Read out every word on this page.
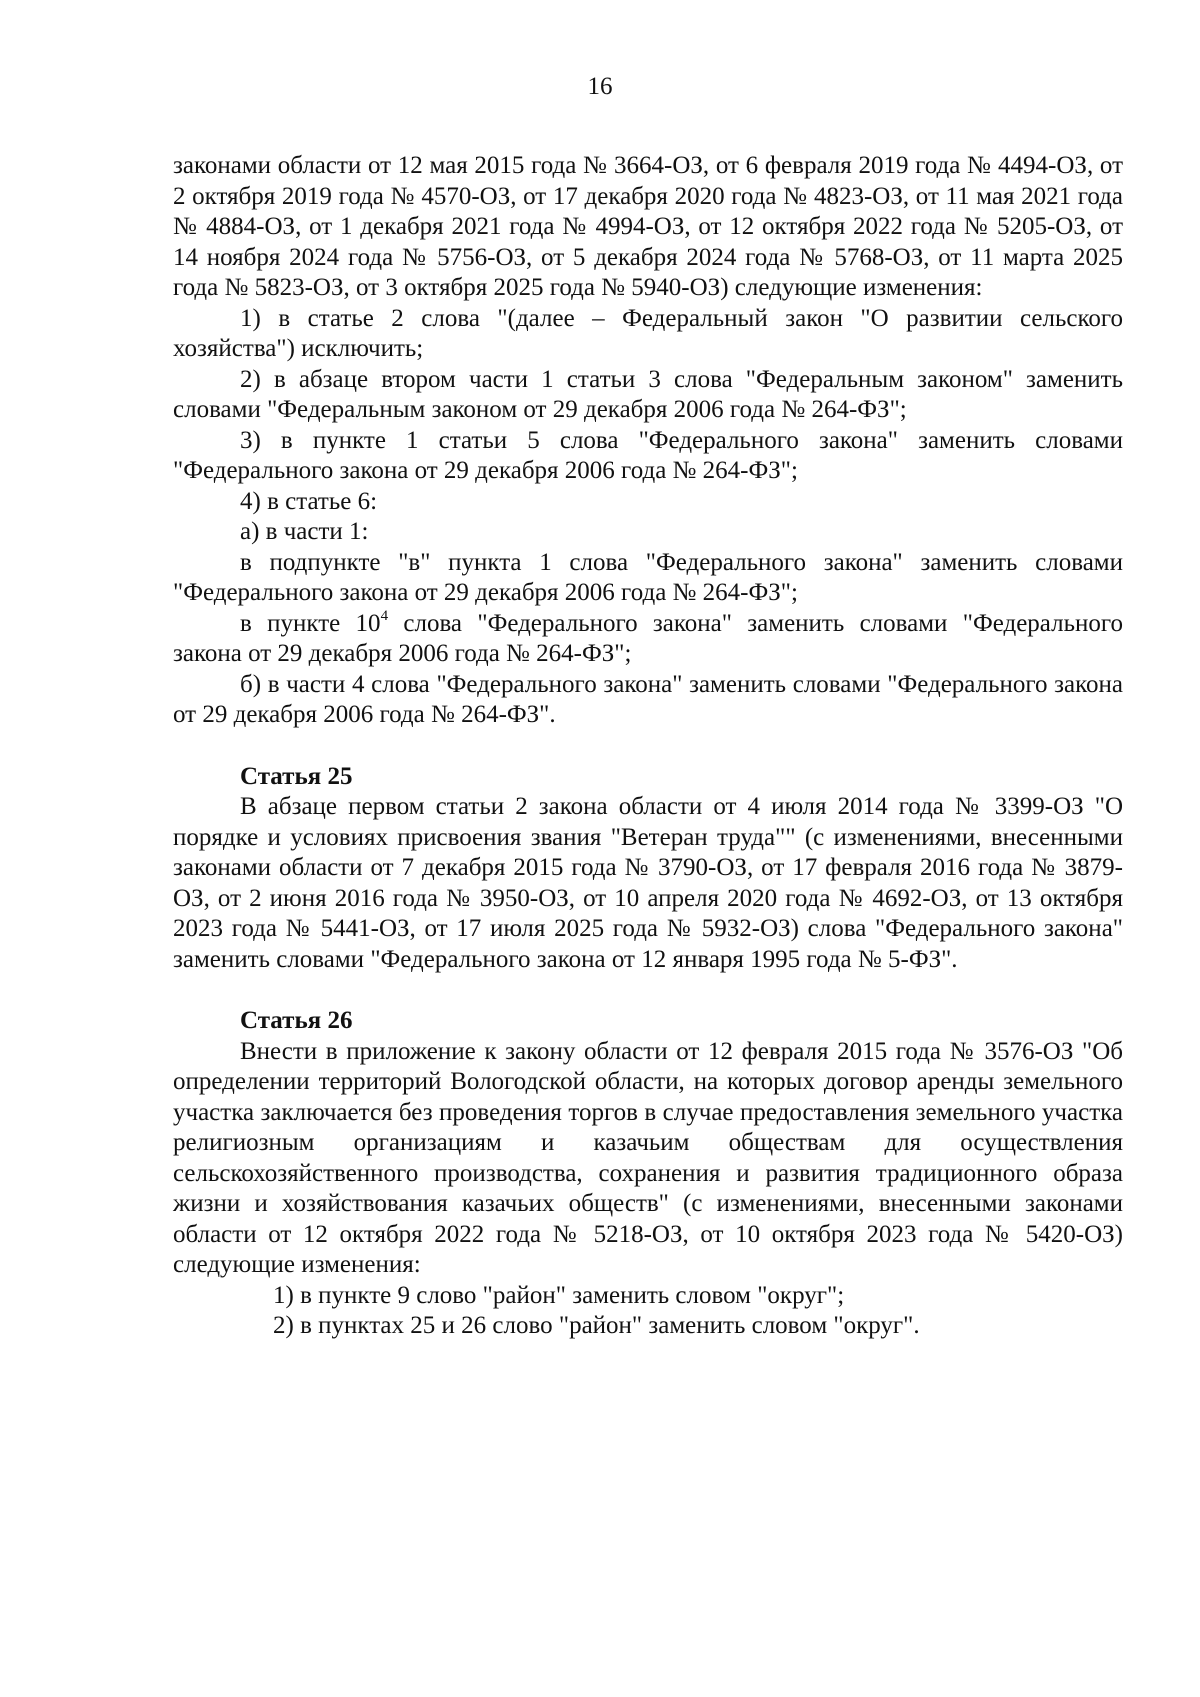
16

законами области от 12 мая 2015 года № 3664-ОЗ, от 6 февраля 2019 года № 4494-ОЗ, от 2 октября 2019 года № 4570-ОЗ, от 17 декабря 2020 года № 4823-ОЗ, от 11 мая 2021 года № 4884-ОЗ, от 1 декабря 2021 года № 4994-ОЗ, от 12 октября 2022 года № 5205-ОЗ, от 14 ноября 2024 года № 5756-ОЗ, от 5 декабря 2024 года № 5768-ОЗ, от 11 марта 2025 года № 5823-ОЗ, от 3 октября 2025 года № 5940-ОЗ) следующие изменения:

1) в статье 2 слова "(далее – Федеральный закон "О развитии сельского хозяйства") исключить;

2) в абзаце втором части 1 статьи 3 слова "Федеральным законом" заменить словами "Федеральным законом от 29 декабря 2006 года № 264-ФЗ";

3) в пункте 1 статьи 5 слова "Федерального закона" заменить словами "Федерального закона от 29 декабря 2006 года № 264-ФЗ";

4) в статье 6:

а) в части 1:

в подпункте "в" пункта 1 слова "Федерального закона" заменить словами "Федерального закона от 29 декабря 2006 года № 264-ФЗ";

в пункте $10^4$ слова "Федерального закона" заменить словами "Федерального закона от 29 декабря 2006 года № 264-ФЗ";

б) в части 4 слова "Федерального закона" заменить словами "Федерального закона от 29 декабря 2006 года № 264-ФЗ".

Статья 25

В абзаце первом статьи 2 закона области от 4 июля 2014 года № 3399-ОЗ "О порядке и условиях присвоения звания "Ветеран труда"" (с изменениями, внесенными законами области от 7 декабря 2015 года № 3790-ОЗ, от 17 февраля 2016 года № 3879-ОЗ, от 2 июня 2016 года № 3950-ОЗ, от 10 апреля 2020 года № 4692-ОЗ, от 13 октября 2023 года № 5441-ОЗ, от 17 июля 2025 года № 5932-ОЗ) слова "Федерального закона" заменить словами "Федерального закона от 12 января 1995 года № 5-ФЗ".

Статья 26

Внести в приложение к закону области от 12 февраля 2015 года № 3576-ОЗ "Об определении территорий Вологодской области, на которых договор аренды земельного участка заключается без проведения торгов в случае предоставления земельного участка религиозным организациям и казачьим обществам для осуществления сельскохозяйственного производства, сохранения и развития традиционного образа жизни и хозяйствования казачьих обществ" (с изменениями, внесенными законами области от 12 октября 2022 года № 5218-ОЗ, от 10 октября 2023 года № 5420-ОЗ) следующие изменения:

1) в пункте 9 слово "район" заменить словом "округ";

2) в пунктах 25 и 26 слово "район" заменить словом "округ".
